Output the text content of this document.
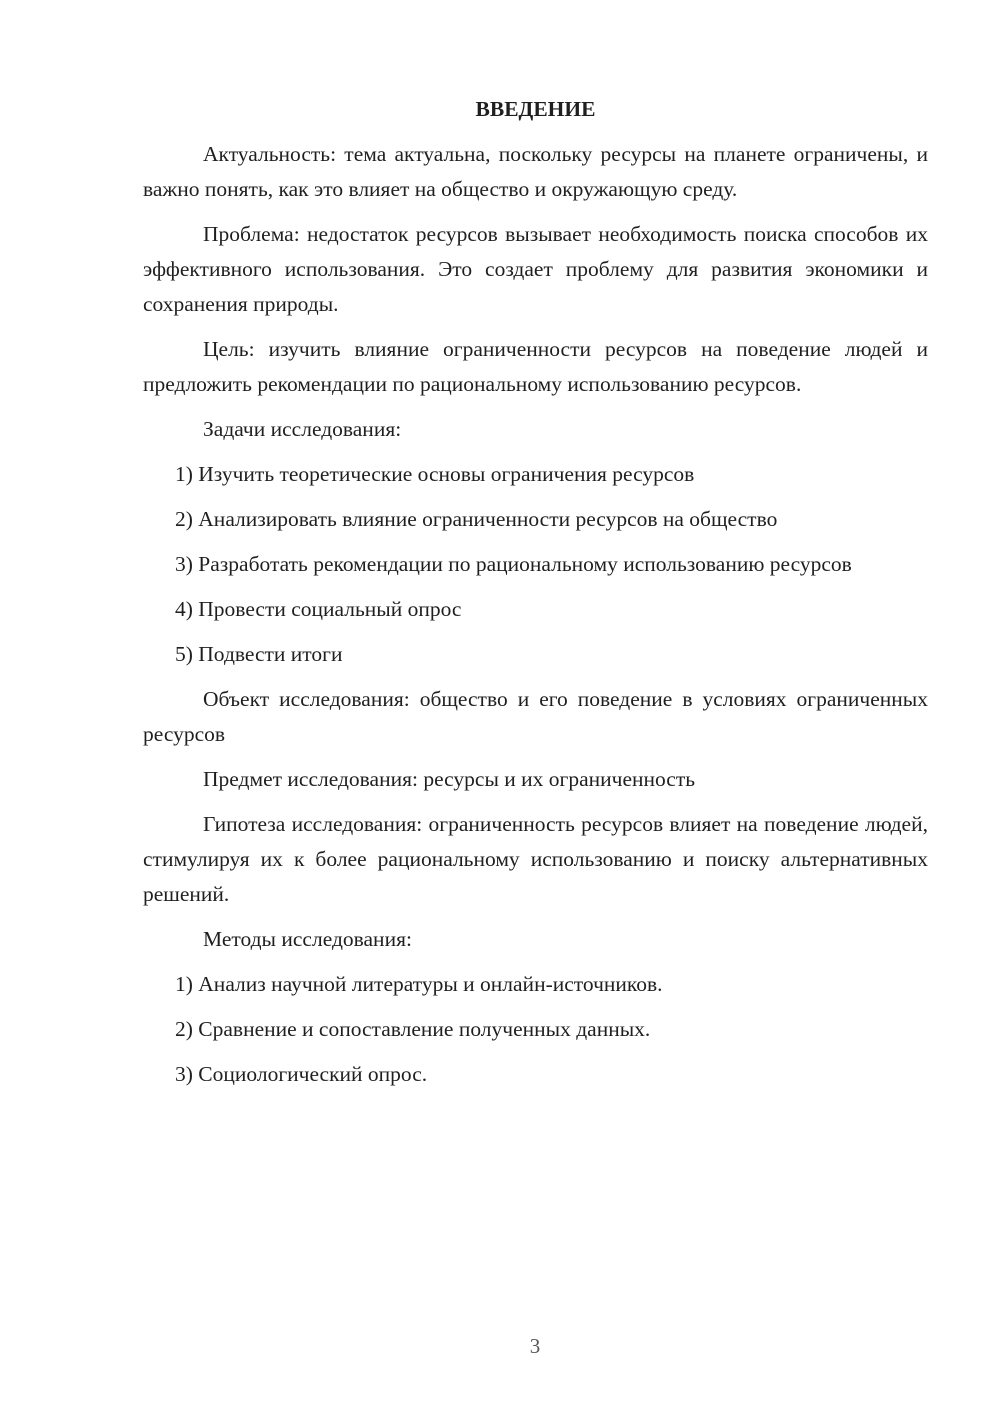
ВВЕДЕНИЕ
Актуальность: тема актуальна, поскольку ресурсы на планете ограничены, и важно понять, как это влияет на общество и окружающую среду.
Проблема: недостаток ресурсов вызывает необходимость поиска способов их эффективного использования. Это создает проблему для развития экономики и сохранения природы.
Цель: изучить влияние ограниченности ресурсов на поведение людей и предложить рекомендации по рациональному использованию ресурсов.
Задачи исследования:
1) Изучить теоретические основы ограничения ресурсов
2) Анализировать влияние ограниченности ресурсов на общество
3) Разработать рекомендации по рациональному использованию ресурсов
4) Провести социальный опрос
5) Подвести итоги
Объект исследования: общество и его поведение в условиях ограниченных ресурсов
Предмет исследования: ресурсы и их ограниченность
Гипотеза исследования: ограниченность ресурсов влияет на поведение людей, стимулируя их к более рациональному использованию и поиску альтернативных решений.
Методы исследования:
1) Анализ научной литературы и онлайн-источников.
2) Сравнение и сопоставление полученных данных.
3) Социологический опрос.
3
